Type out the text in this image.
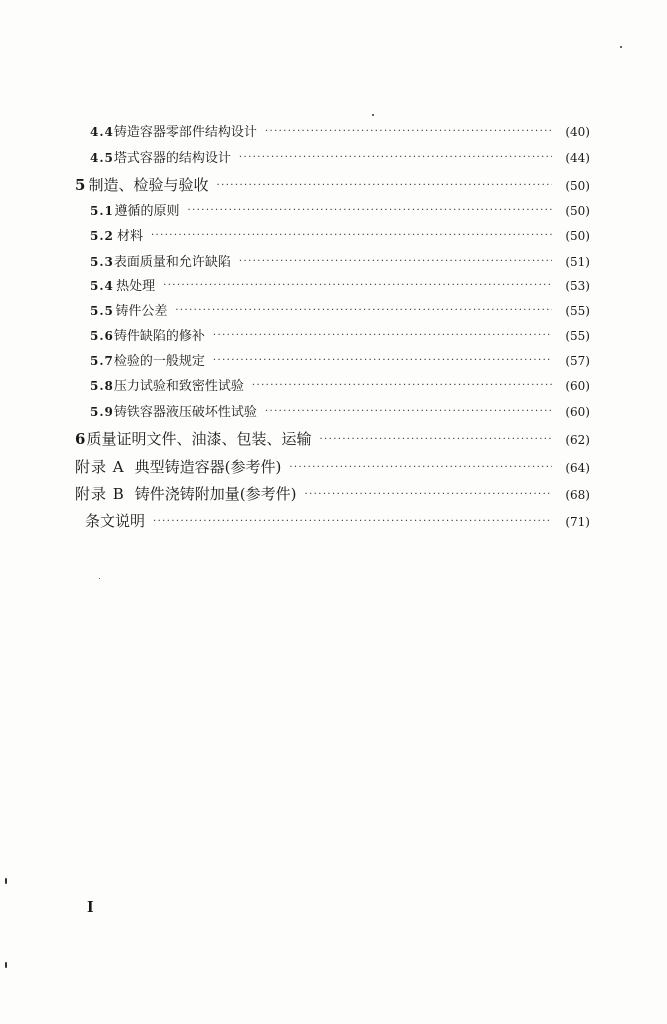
4.4 铸造容器零部件结构设计 ·····	(40)
4.5 塔式容器的结构设计 ·····	(44)
5 制造、检验与验收 ·····	(50)
5.1 遵循的原则 ·····	(50)
5.2 材料 ·····	(50)
5.3 表面质量和允许缺陷 ·····	(51)
5.4 热处理 ·····	(53)
5.5 铸件公差 ·····	(55)
5.6 铸件缺陷的修补 ·····	(55)
5.7 检验的一般规定 ·····	(57)
5.8 压力试验和致密性试验 ·····	(60)
5.9 铸铁容器液压破坏性试验 ·····	(60)
6 质量证明文件、油漆、包装、运输 ·····	(62)
附录 A 典型铸造容器(参考件) ·····	(64)
附录 B 铸件浇铸附加量(参考件) ·····	(68)
条文说明 ·····	(71)
I
